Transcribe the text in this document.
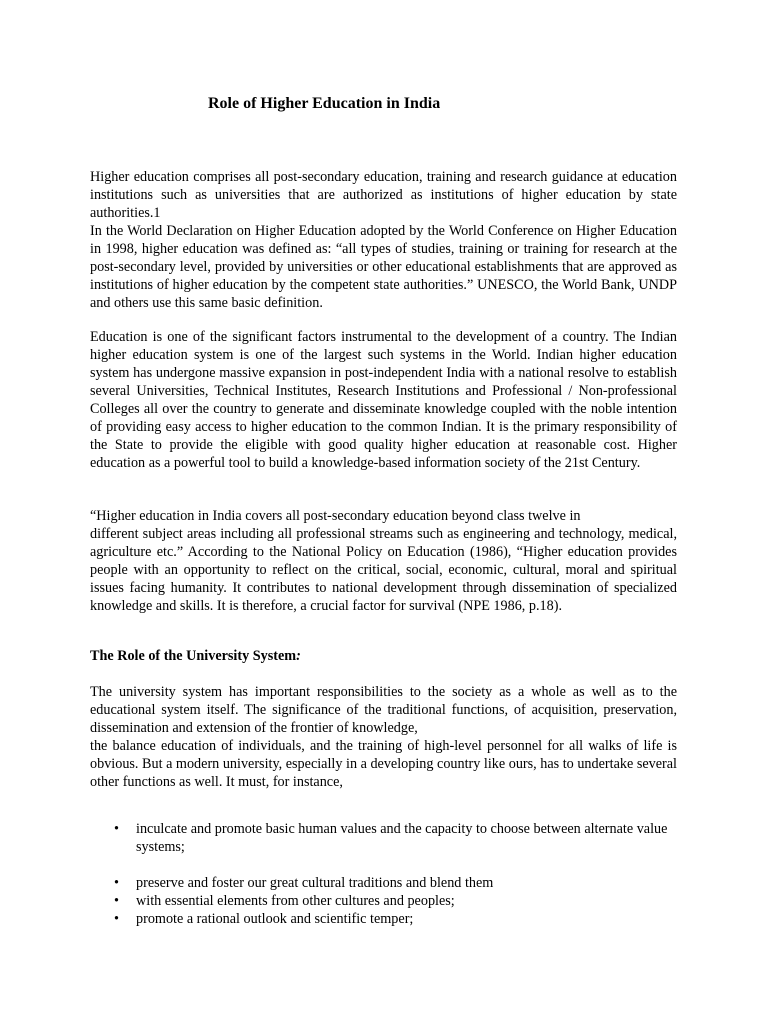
Role of Higher Education in India

Higher education comprises all post-secondary education, training and research guidance at education institutions such as universities that are authorized as institutions of higher education by state authorities.1

In the World Declaration on Higher Education adopted by the World Conference on Higher Education in 1998, higher education was defined as: “all types of studies, training or training for research at the post-secondary level, provided by universities or other educational establishments that are approved as institutions of higher education by the competent state authorities.” UNESCO, the World Bank, UNDP and others use this same basic definition.

Education is one of the significant factors instrumental to the development of a country. The Indian higher education system is one of the largest such systems in the World. Indian higher education system has undergone massive expansion in post-independent India with a national resolve to establish several Universities, Technical Institutes, Research Institutions and Professional / Non-professional Colleges all over the country to generate and disseminate knowledge coupled with the noble intention of providing easy access to higher education to the common Indian. It is the primary responsibility of the State to provide the eligible with good quality higher education at reasonable cost. Higher education as a powerful tool to build a knowledge-based information society of the 21st Century.

“Higher education in India covers all post-secondary education beyond class twelve in

different subject areas including all professional streams such as engineering and technology, medical, agriculture etc.” According to the National Policy on Education (1986), “Higher education provides people with an opportunity to reflect on the critical, social, economic, cultural, moral and spiritual issues facing humanity. It contributes to national development through dissemination of specialized knowledge and skills. It is therefore, a crucial factor for survival (NPE 1986, p.18).

The Role of the University System:

The university system has important responsibilities to the society as a whole as well as to the educational system itself. The significance of the traditional functions, of acquisition, preservation, dissemination and extension of the frontier of knowledge,

the balance education of individuals, and the training of high-level personnel for all walks of life is obvious. But a modern university, especially in a developing country like ours, has to undertake several other functions as well. It must, for instance,

• inculcate and promote basic human values and the capacity to choose between alternate value systems;
• preserve and foster our great cultural traditions and blend them
• with essential elements from other cultures and peoples;
• promote a rational outlook and scientific temper;
